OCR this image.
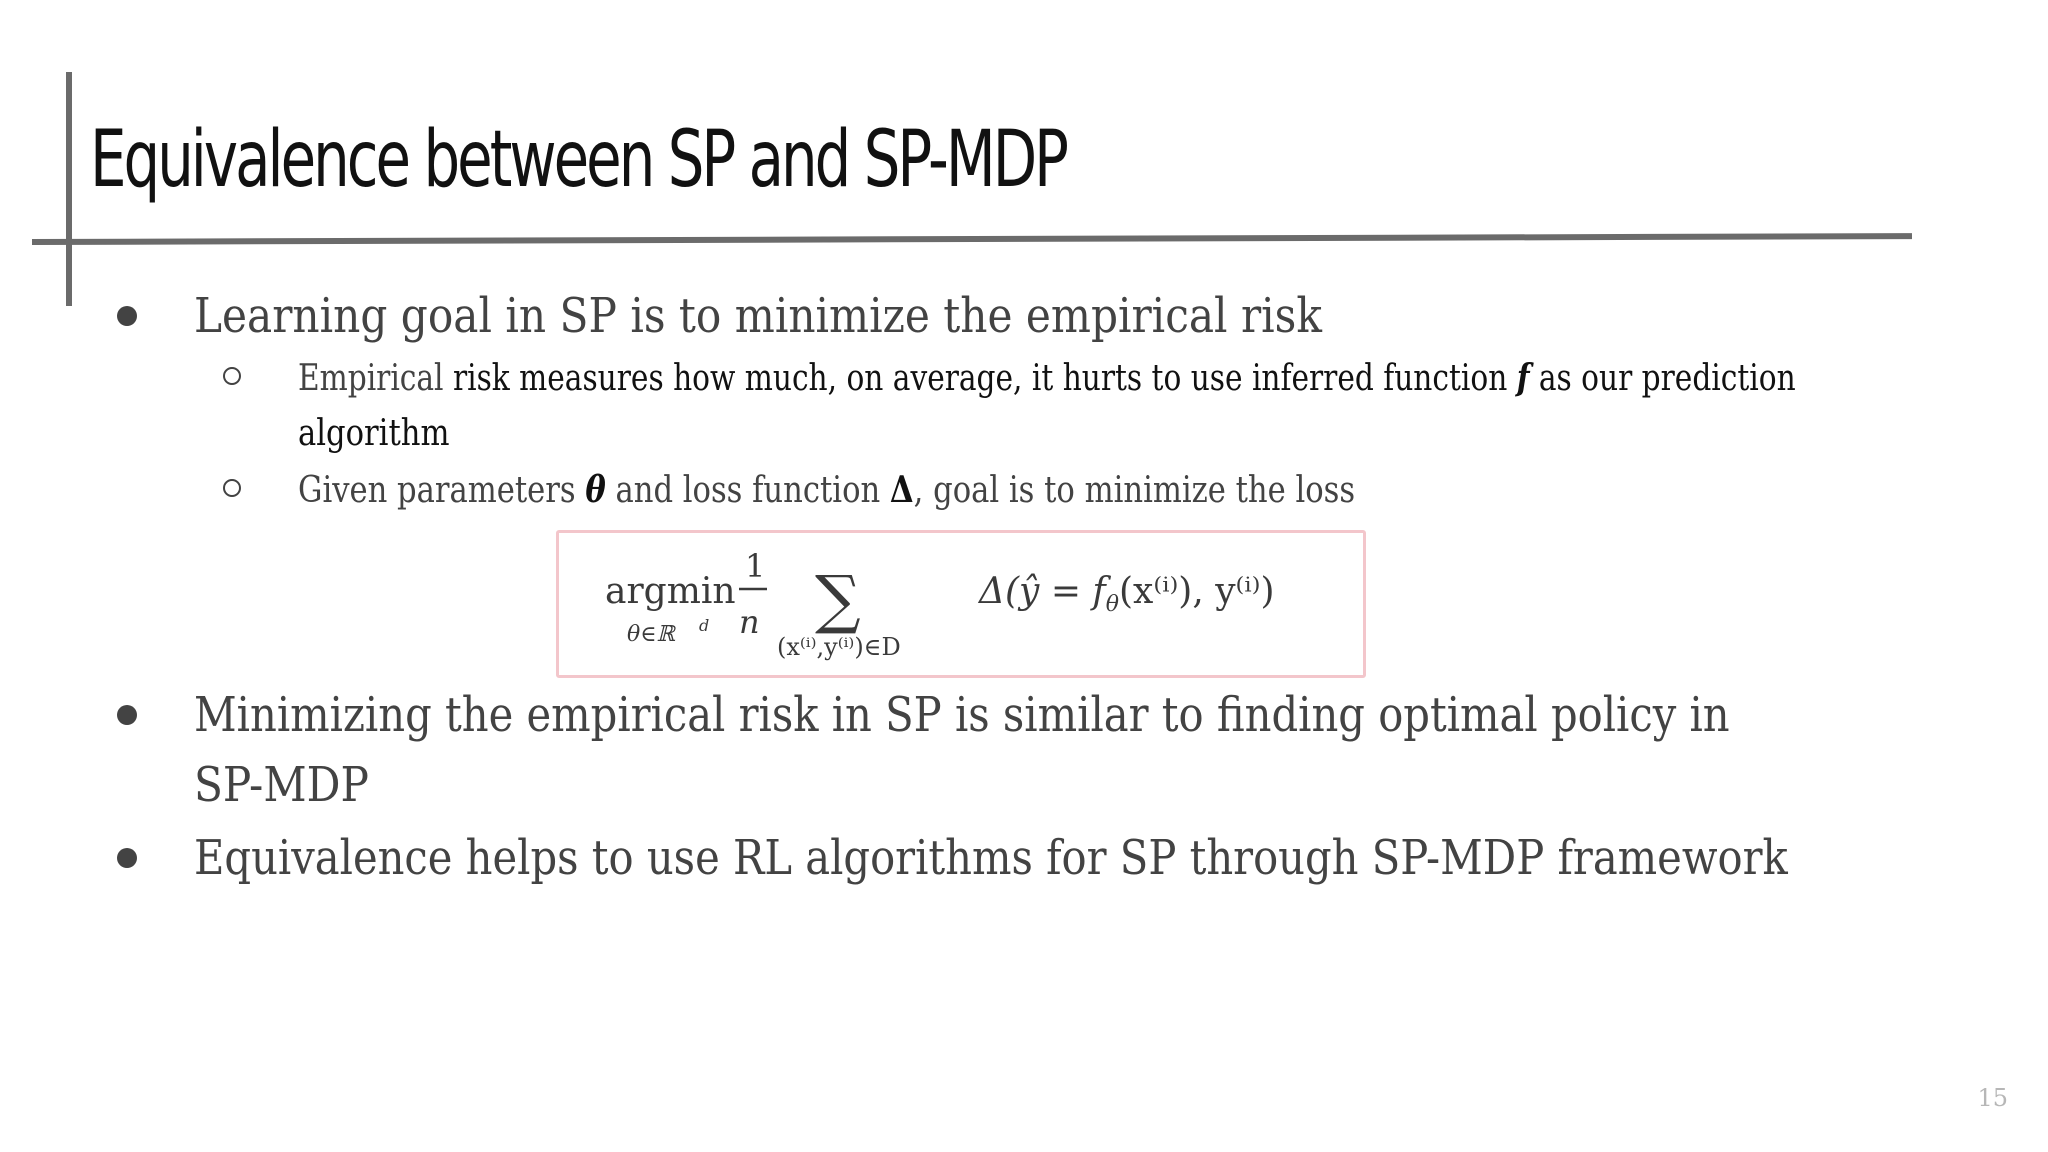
Equivalence between SP and SP-MDP
Learning goal in SP is to minimize the empirical risk
Empirical risk measures how much, on average, it hurts to use inferred function f as our prediction
algorithm
Given parameters θ and loss function Δ, goal is to minimize the loss
argmin
θ∈ℝ d
1
n ∑
(x⁽ⁱ⁾,y⁽ⁱ⁾)∈D
Δ(ŷ = $f_\theta(x^{(i)})$, y⁽ⁱ⁾)
Minimizing the empirical risk in SP is similar to finding optimal policy in
SP-MDP
Equivalence helps to use RL algorithms for SP through SP-MDP framework
15
